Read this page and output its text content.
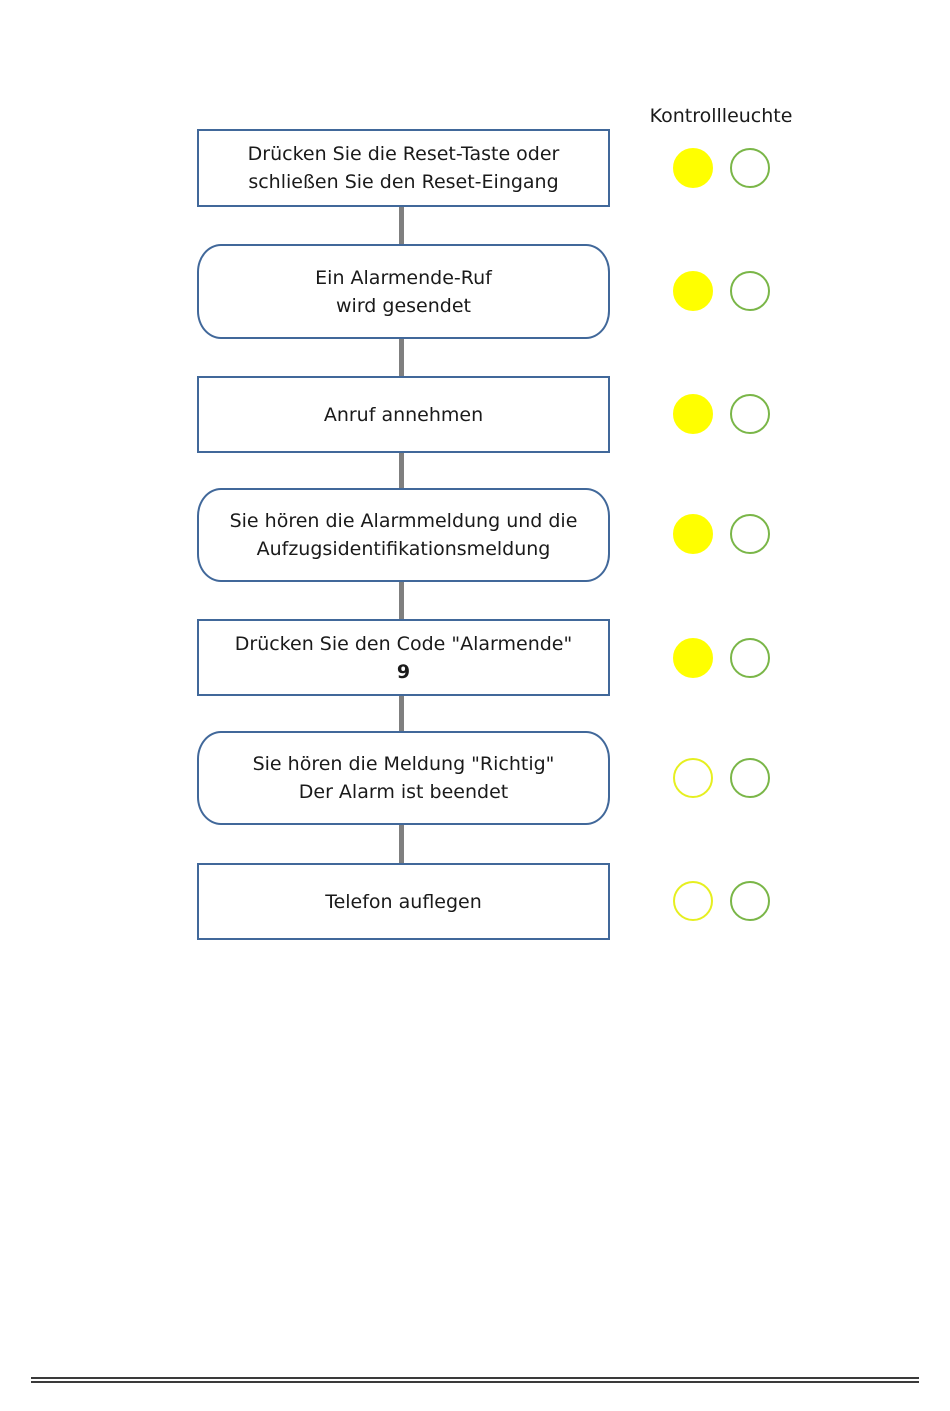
Kontrollleuchte
Drücken Sie die Reset-Taste oder
schließen Sie den Reset-Eingang
Ein Alarmende-Ruf
wird gesendet
Anruf annehmen
Sie hören die Alarmmeldung und die
Aufzugsidentifikationsmeldung
Drücken Sie den Code "Alarmende"
9
Sie hören die Meldung "Richtig"
Der Alarm ist beendet
Telefon auflegen
